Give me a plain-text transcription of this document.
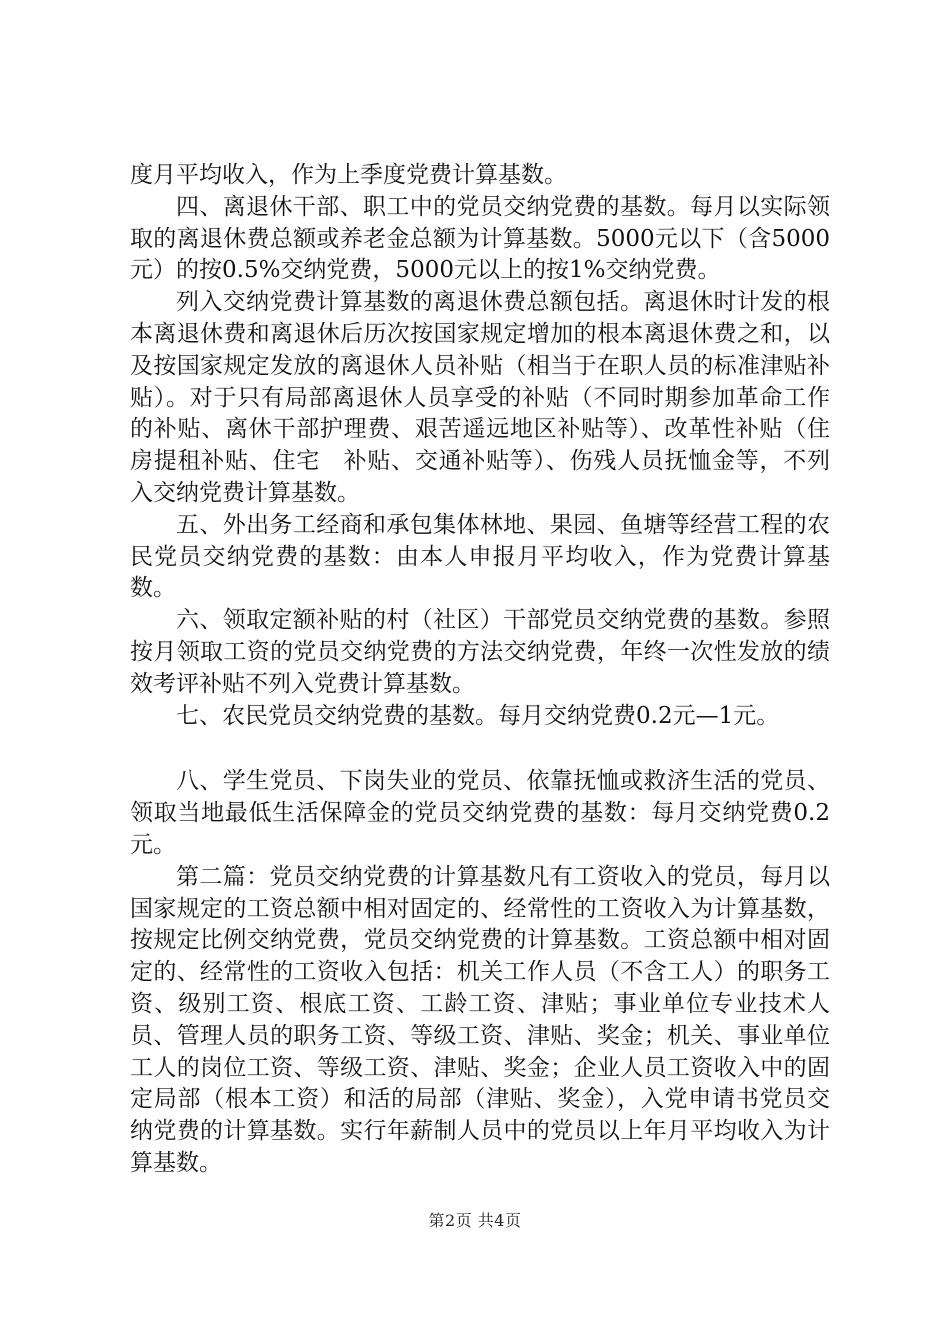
度月平均收入，作为上季度党费计算基数。

四、离退休干部、职工中的党员交纳党费的基数。每月以实际领取的离退休费总额或养老金总额为计算基数。5000元以下（含5000元）的按0.5%交纳党费，5000元以上的按1%交纳党费。

列入交纳党费计算基数的离退休费总额包括。离退休时计发的根本离退休费和离退休后历次按国家规定增加的根本离退休费之和，以及按国家规定发放的离退休人员补贴（相当于在职人员的标准津贴补贴）。对于只有局部离退休人员享受的补贴（不同时期参加革命工作的补贴、离休干部护理费、艰苦遥远地区补贴等）、改革性补贴（住房提租补贴、住宅　补贴、交通补贴等）、伤残人员抚恤金等，不列入交纳党费计算基数。

五、外出务工经商和承包集体林地、果园、鱼塘等经营工程的农民党员交纳党费的基数：由本人申报月平均收入，作为党费计算基数。

六、领取定额补贴的村（社区）干部党员交纳党费的基数。参照按月领取工资的党员交纳党费的方法交纳党费，年终一次性发放的绩效考评补贴不列入党费计算基数。

七、农民党员交纳党费的基数。每月交纳党费0.2元—1元。

八、学生党员、下岗失业的党员、依靠抚恤或救济生活的党员、领取当地最低生活保障金的党员交纳党费的基数：每月交纳党费0.2元。

第二篇：党员交纳党费的计算基数凡有工资收入的党员，每月以国家规定的工资总额中相对固定的、经常性的工资收入为计算基数，按规定比例交纳党费，党员交纳党费的计算基数。工资总额中相对固定的、经常性的工资收入包括：机关工作人员（不含工人）的职务工资、级别工资、根底工资、工龄工资、津贴；事业单位专业技术人员、管理人员的职务工资、等级工资、津贴、奖金；机关、事业单位工人的岗位工资、等级工资、津贴、奖金；企业人员工资收入中的固定局部（根本工资）和活的局部（津贴、奖金），入党申请书党员交纳党费的计算基数。实行年薪制人员中的党员以上年月平均收入为计算基数。

第2页 共4页
